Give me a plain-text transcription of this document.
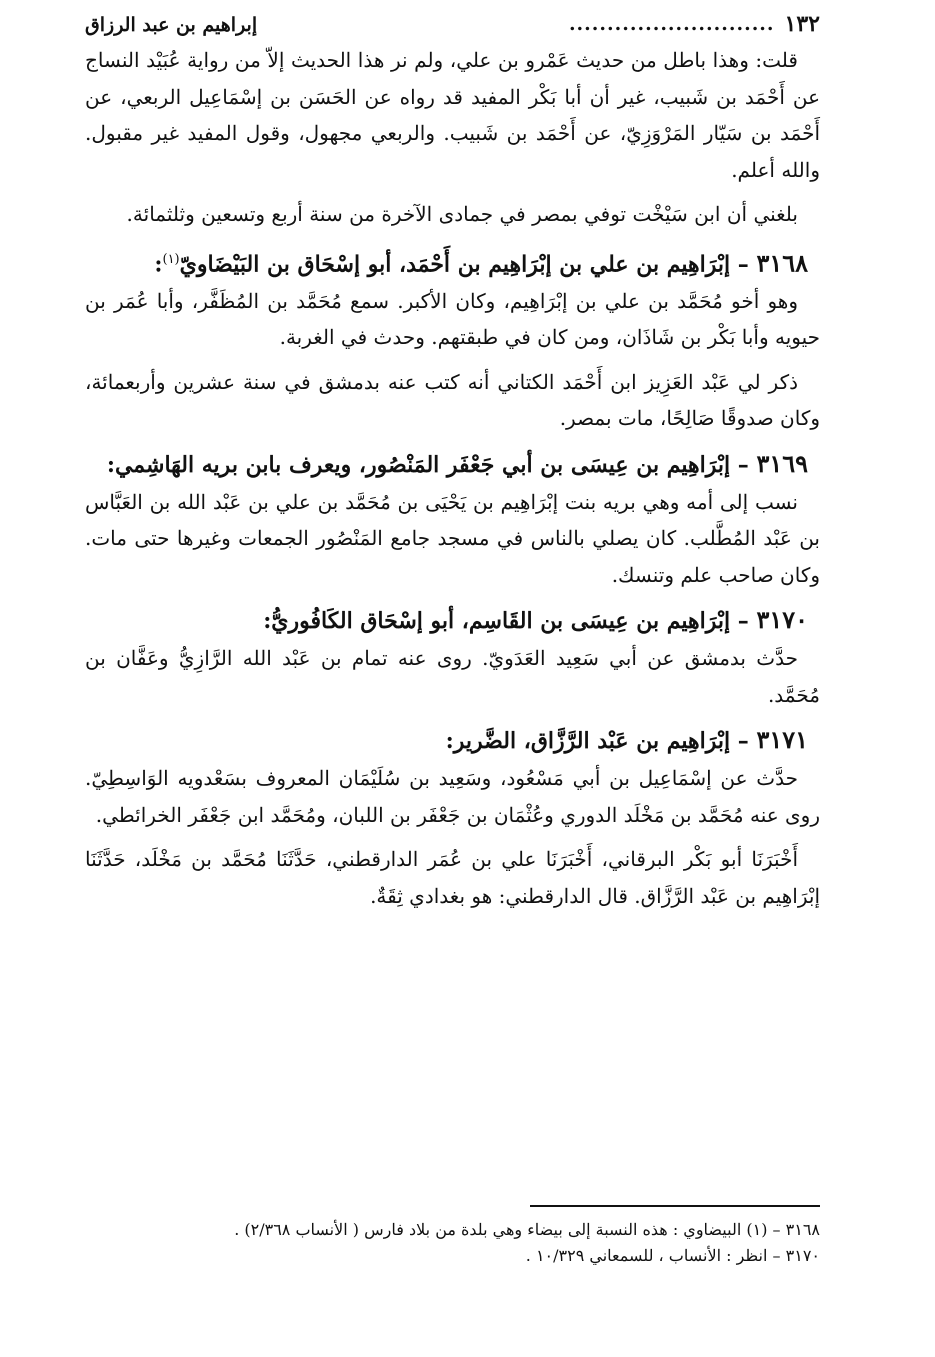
١٣٢
...........................
إبراهيم بن عبد الرزاق

قلت: وهذا باطل من حديث عَمْرو بن علي، ولم نر هذا الحديث إلاّ من رواية عُبَيْد النساج عن أَحْمَد بن شَبيب، غير أن أبا بَكْر المفيد قد رواه عن الحَسَن بن إسْمَاعِيل الربعي، عن أَحْمَد بن سَيّار المَرْوَزِيّ، عن أَحْمَد بن شَبيب. والربعي مجهول، وقول المفيد غير مقبول. والله أعلم.

بلغني أن ابن سَيْخْت توفي بمصر في جمادى الآخرة من سنة أربع وتسعين وثلثمائة.

٣١٦٨ – إبْرَاهِيم بن علي بن إبْرَاهِيم بن أَحْمَد، أبو إسْحَاق بن البَيْضَاويّ$^{(١)}$:

وهو أخو مُحَمَّد بن علي بن إبْرَاهِيم، وكان الأكبر. سمع مُحَمَّد بن المُظَفَّر، وأبا عُمَر بن حيويه وأبا بَكْر بن شَاذَان، ومن كان في طبقتهم. وحدث في الغربة.

ذكر لي عَبْد العَزِيز ابن أَحْمَد الكتاني أنه كتب عنه بدمشق في سنة عشرين وأربعمائة، وكان صدوقًا صَالِحًا، مات بمصر.

٣١٦٩ – إبْرَاهِيم بن عِيسَى بن أبي جَعْفَر المَنْصُور، ويعرف بابن بريه الهَاشِمي:

نسب إلى أمه وهي بريه بنت إبْرَاهِيم بن يَحْيَى بن مُحَمَّد بن علي بن عَبْد الله بن العَبَّاس بن عَبْد المُطَّلب. كان يصلي بالناس في مسجد جامع المَنْصُور الجمعات وغيرها حتى مات. وكان صاحب علم وتنسك.

٣١٧٠ – إبْرَاهِيم بن عِيسَى بن القَاسِم، أبو إسْحَاق الكَافُوريُّ:

حدَّث بدمشق عن أبي سَعِيد العَدَويّ. روى عنه تمام بن عَبْد الله الرَّازِيُّ وعَفَّان بن مُحَمَّد.

٣١٧١ – إبْرَاهِيم بن عَبْد الرَّزَّاق، الضَّرير:

حدَّث عن إسْمَاعِيل بن أبي مَسْعُود، وسَعِيد بن سُلَيْمَان المعروف بسَعْدويه الوَاسِطِيّ. روى عنه مُحَمَّد بن مَخْلَد الدوري وعُثْمَان بن جَعْفَر بن اللبان، ومُحَمَّد ابن جَعْفَر الخرائطي.

أَخْبَرَنَا أبو بَكْر البرقاني، أَخْبَرَنَا علي بن عُمَر الدارقطني، حَدَّثَنَا مُحَمَّد بن مَخْلَد، حَدَّثَنَا إبْرَاهِيم بن عَبْد الرَّزَّاق. قال الدارقطني: هو بغدادي ثِقَةٌ.

٣١٦٨ – (١) البيضاوي : هذه النسبة إلى بيضاء وهي بلدة من بلاد فارس ( الأنساب ٢/٣٦٨) .

٣١٧٠ – انظر : الأنساب ، للسمعاني ١٠/٣٢٩ .
